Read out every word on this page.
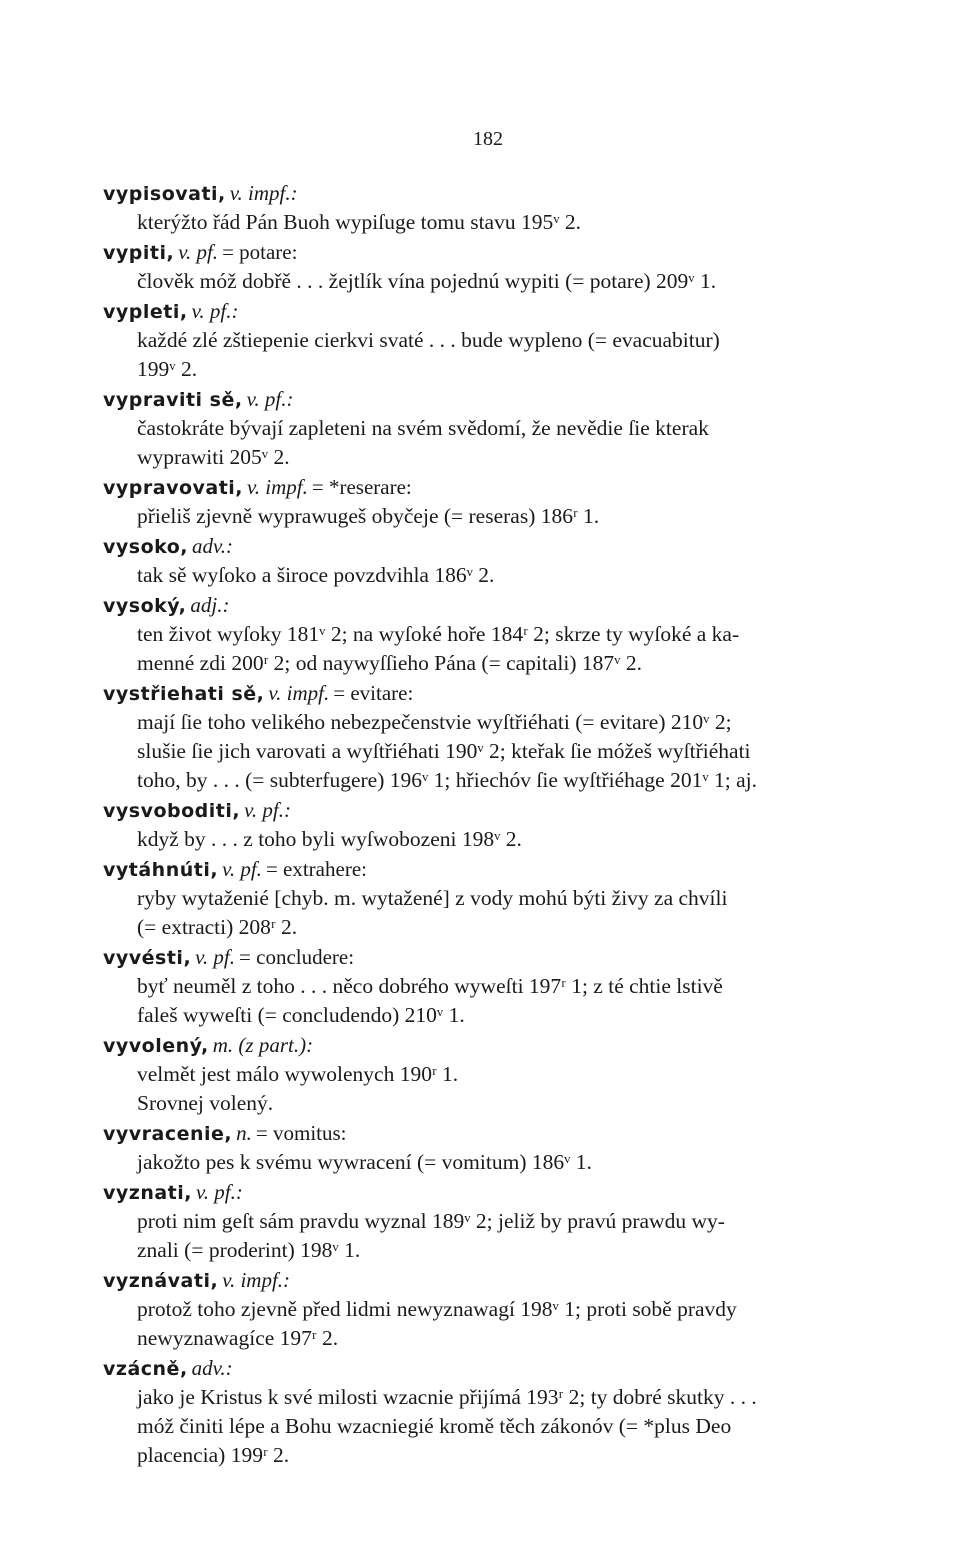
182
vypisovati, v. impf.:
kterýžto řád Pán Buoh wypiſuge tomu stavu 195ᵛ 2.
vypiti, v. pf. = potare:
člověk móž dobřě . . . žejtlík vína pojednú wypiti (= potare) 209ᵛ 1.
vypleti, v. pf.:
každé zlé zštiepenie cierkvi svaté . . . bude wypleno (= evacuabitur)
199ᵛ 2.
vypraviti sě, v. pf.:
častokráte bývají zapleteni na svém svědomí, že nevědie ſie kterak
wyprawiti 205ᵛ 2.
vypravovati, v. impf. = *reserare:
přieliš zjevně wyprawugeš obyčeje (= reseras) 186ʳ 1.
vysoko, adv.:
tak sě wyſoko a široce povzdvihla 186ᵛ 2.
vysoký, adj.:
ten život wyſoky 181ᵛ 2; na wyſoké hoře 184ʳ 2; skrze ty wyſoké a ka-
menné zdi 200ʳ 2; od naywyſſieho Pána (= capitali) 187ᵛ 2.
vystřiehati sě, v. impf. = evitare:
mají ſie toho velikého nebezpečenstvie wyſtřiéhati (= evitare) 210ᵛ 2;
slušie ſie jich varovati a wyſtřiéhati 190ᵛ 2; kteřak ſie móžeš wyſtřiéhati
toho, by . . . (= subterfugere) 196ᵛ 1; hřiechóv ſie wyſtřiéhage 201ᵛ 1; aj.
vysvoboditi, v. pf.:
když by . . . z toho byli wyſwobozeni 198ᵛ 2.
vytáhnúti, v. pf. = extrahere:
ryby wytaženié [chyb. m. wytažené] z vody mohú býti živy za chvíli
(= extracti) 208ʳ 2.
vyvésti, v. pf. = concludere:
byť neuměl z toho . . . něco dobrého wyweſti 197ʳ 1; z té chtie lstivě
faleš wyweſti (= concludendo) 210ᵛ 1.
vyvolený, m. (z part.):
velmět jest málo wywolenych 190ʳ 1.
Srovnej volený.
vyvracenie, n. = vomitus:
jakožto pes k svému wywracení (= vomitum) 186ᵛ 1.
vyznati, v. pf.:
proti nim geſt sám pravdu wyznal 189ᵛ 2; jeliž by pravú prawdu wy-
znali (= proderint) 198ᵛ 1.
vyznávati, v. impf.:
protož toho zjevně před lidmi newyznawagí 198ᵛ 1; proti sobě pravdy
newyznawagíce 197ʳ 2.
vzácně, adv.:
jako je Kristus k své milosti wzacnie přijímá 193ʳ 2; ty dobré skutky . . .
móž činiti lépe a Bohu wzacniegié kromě těch zákonóv (= *plus Deo
placencia) 199ʳ 2.
